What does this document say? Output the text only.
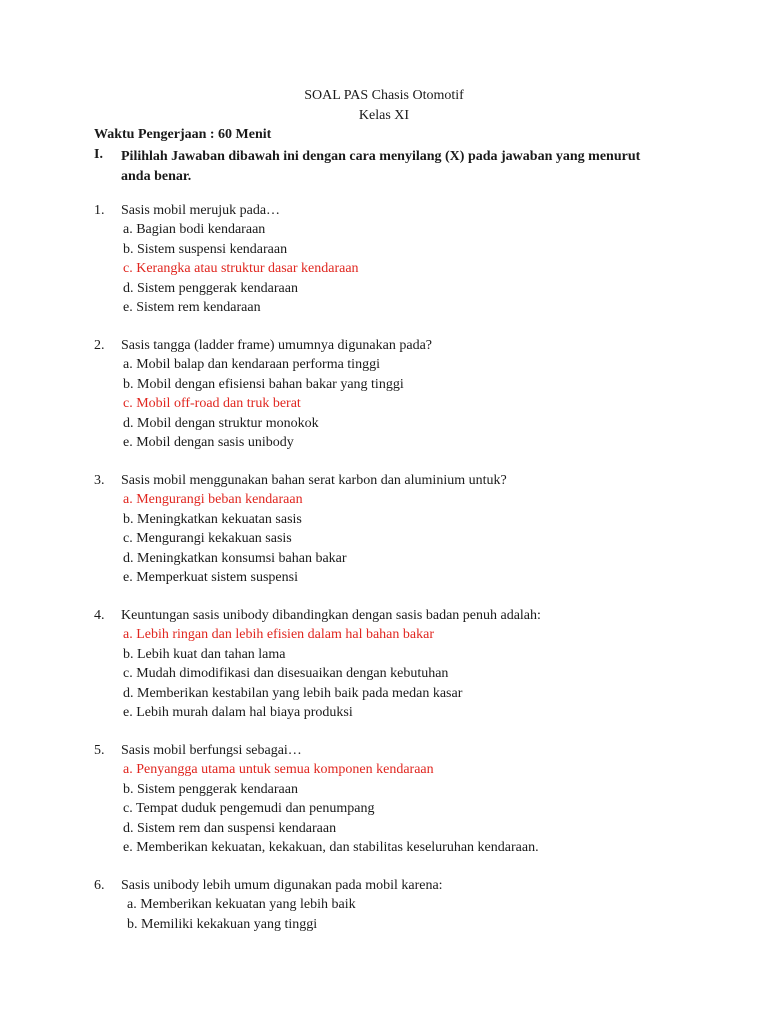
SOAL PAS Chasis Otomotif
Kelas XI
Waktu Pengerjaan : 60 Menit
I. Pilihlah Jawaban dibawah ini dengan cara menyilang (X) pada jawaban yang menurut anda benar.
1. Sasis mobil merujuk pada…
a. Bagian bodi kendaraan
b. Sistem suspensi kendaraan
c. Kerangka atau struktur dasar kendaraan
d. Sistem penggerak kendaraan
e. Sistem rem kendaraan
2. Sasis tangga (ladder frame) umumnya digunakan pada?
a. Mobil balap dan kendaraan performa tinggi
b. Mobil dengan efisiensi bahan bakar yang tinggi
c. Mobil off-road dan truk berat
d. Mobil dengan struktur monokok
e. Mobil dengan sasis unibody
3. Sasis mobil menggunakan bahan serat karbon dan aluminium untuk?
a. Mengurangi beban kendaraan
b. Meningkatkan kekuatan sasis
c. Mengurangi kekakuan sasis
d. Meningkatkan konsumsi bahan bakar
e. Memperkuat sistem suspensi
4. Keuntungan sasis unibody dibandingkan dengan sasis badan penuh adalah:
a. Lebih ringan dan lebih efisien dalam hal bahan bakar
b. Lebih kuat dan tahan lama
c. Mudah dimodifikasi dan disesuaikan dengan kebutuhan
d. Memberikan kestabilan yang lebih baik pada medan kasar
e. Lebih murah dalam hal biaya produksi
5. Sasis mobil berfungsi sebagai…
a. Penyangga utama untuk semua komponen kendaraan
b. Sistem penggerak kendaraan
c. Tempat duduk pengemudi dan penumpang
d. Sistem rem dan suspensi kendaraan
e. Memberikan kekuatan, kekakuan, dan stabilitas keseluruhan kendaraan.
6. Sasis unibody lebih umum digunakan pada mobil karena:
a. Memberikan kekuatan yang lebih baik
b. Memiliki kekakuan yang tinggi
